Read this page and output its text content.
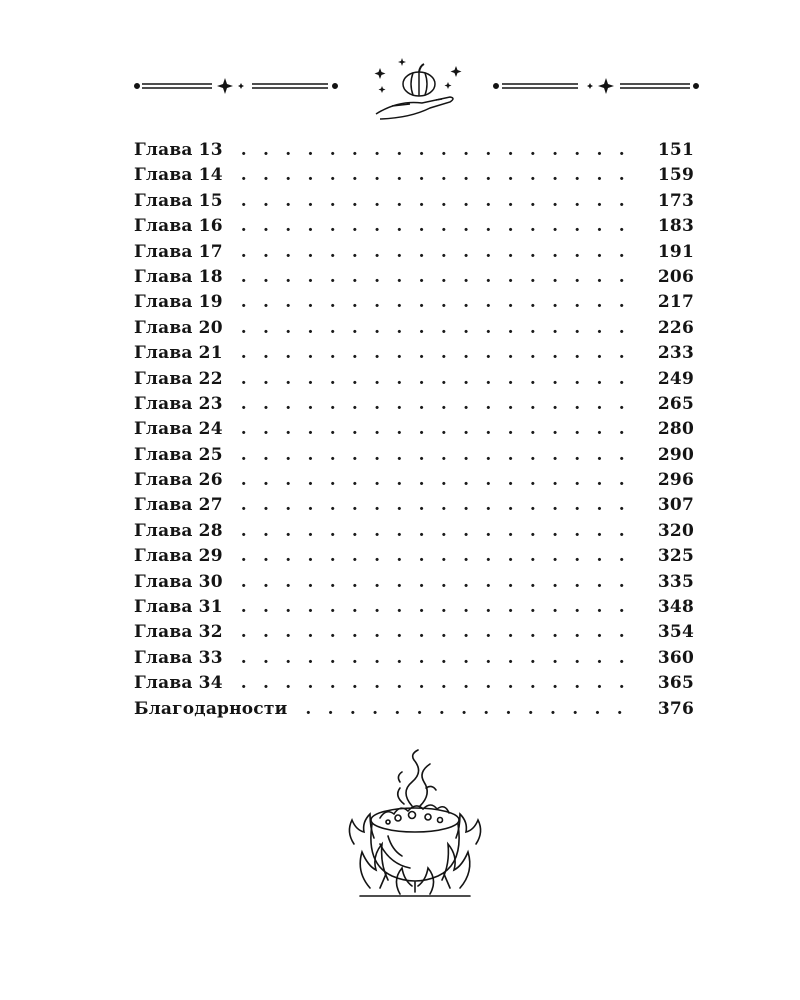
Глава 13 . . .	151
Глава 14 . . .	159
Глава 15 . . .	173
Глава 16 . . .	183
Глава 17 . . .	191
Глава 18 . . .	206
Глава 19 . . .	217
Глава 20 . . .	226
Глава 21 . . .	233
Глава 22 . . .	249
Глава 23 . . .	265
Глава 24 . . .	280
Глава 25 . . .	290
Глава 26 . . .	296
Глава 27 . . .	307
Глава 28 . . .	320
Глава 29 . . .	325
Глава 30 . . .	335
Глава 31 . . .	348
Глава 32 . . .	354
Глава 33 . . .	360
Глава 34 . . .	365
Благодарности . . .	376
